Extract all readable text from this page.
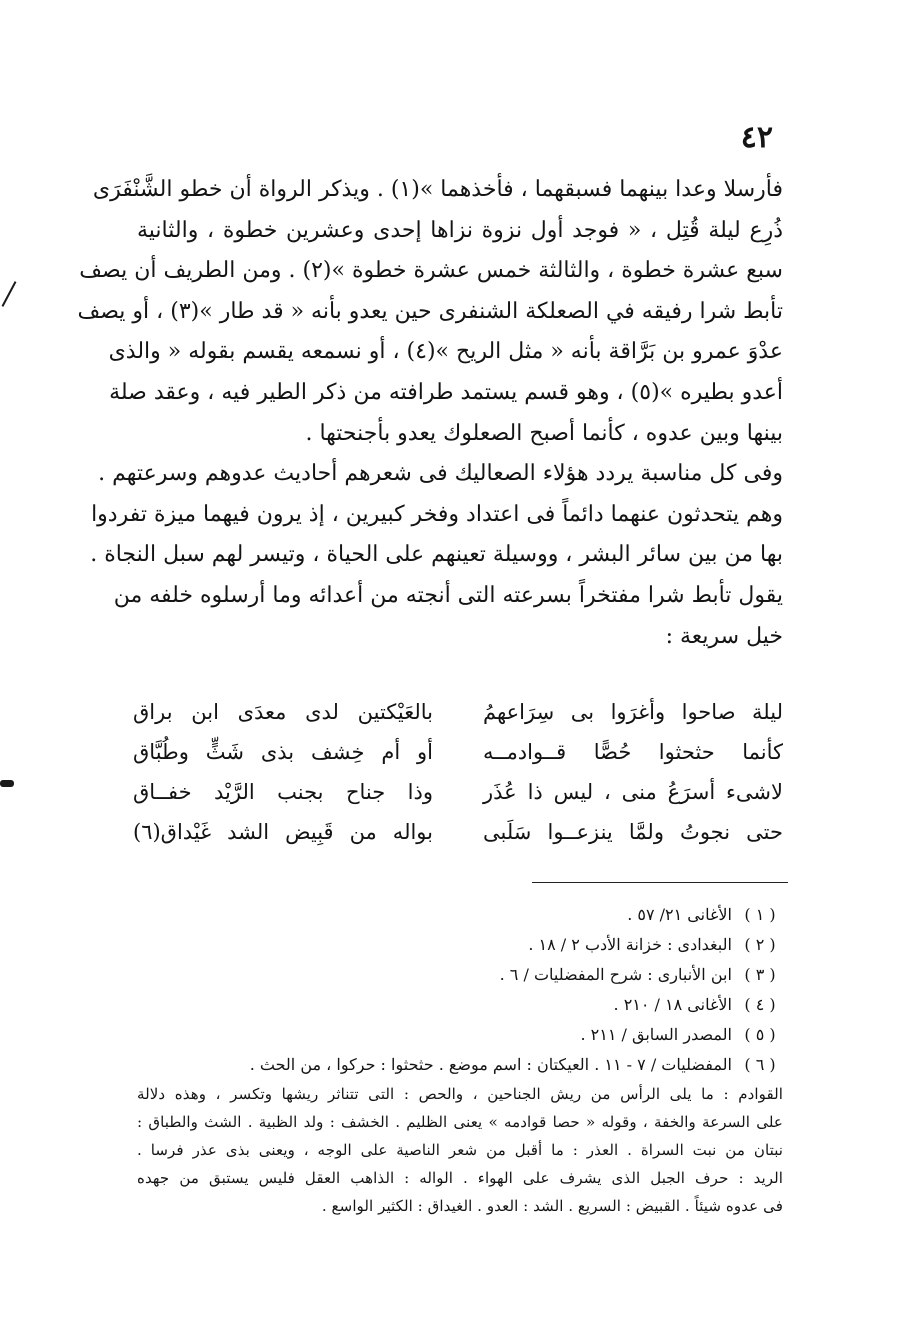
٤٢
فأرسلا وعدا بينهما فسبقهما ، فأخذهما »(١) . ويذكر الرواة أن خطو الشَّنْفَرَى
ذُرِع ليلة قُتِل ، « فوجد أول نزوة نزاها إحدى وعشرين خطوة ، والثانية
سبع عشرة خطوة ، والثالثة خمس عشرة خطوة »(٢) . ومن الطريف أن يصف
تأبط شرا رفيقه في الصعلكة الشنفرى حين يعدو بأنه « قد طار »(٣) ، أو يصف
عدْوَ عمرو بن بَرَّاقة بأنه « مثل الريح »(٤) ، أو نسمعه يقسم بقوله « والذى
أعدو بطيره »(٥) ، وهو قسم يستمد طرافته من ذكر الطير فيه ، وعقد صلة
بينها وبين عدوه ، كأنما أصبح الصعلوك يعدو بأجنحتها .
وفى كل مناسبة يردد هؤلاء الصعاليك فى شعرهم أحاديث عدوهم وسرعتهم .
وهم يتحدثون عنهما دائماً فى اعتداد وفخر كبيرين ، إذ يرون فيهما ميزة تفردوا
بها من بين سائر البشر ، ووسيلة تعينهم على الحياة ، وتيسر لهم سبل النجاة .
يقول تأبط شرا مفتخراً بسرعته التى أنجته من أعدائه وما أرسلوه خلفه من
خيل سريعة :
ليلة صاحوا وأغرَوا بى سِرَاعهمُ
كأنما حثحثوا حُصًّا قــوادمــه
لاشىء أسرَعُ منى ، ليس ذا عُذَر
حتى نجوتُ ولمَّا ينزعــوا سَلَبى
بالعَيْكتين لدى معدَى ابن براق
أو أم خِشف بذى شَثٍّ وطُبَّاق
وذا جناح بجنب الرَّيْد خفــاق
بواله من قَبِيض الشد غَيْداق(٦)
( ١ ) الأغانى ٢١/ ٥٧ .
( ٢ ) البغدادى : خزانة الأدب ٢ / ١٨ .
( ٣ ) ابن الأنبارى : شرح المفضليات / ٦ .
( ٤ ) الأغانى ١٨ / ٢١٠ .
( ٥ ) المصدر السابق / ٢١١ .
( ٦ ) المفضليات / ٧ - ١١ . العيكتان : اسم موضع . حثحثوا : حركوا ، من الحث .
القوادم : ما يلى الرأس من ريش الجناحين ، والحص : التى تتناثر ريشها وتكسر ، وهذه دلالة
على السرعة والخفة ، وقوله « حصا قوادمه » يعنى الظليم . الخشف : ولد الظبية . الشث والطباق :
نبتان من نبت السراة . العذر : ما أقبل من شعر الناصية على الوجه ، ويعنى بذى عذر فرسا .
الريد : حرف الجبل الذى يشرف على الهواء . الواله : الذاهب العقل فليس يستبق من جهده
فى عدوه شيئاً . القبيض : السريع . الشد : العدو . الغيداق : الكثير الواسع .
